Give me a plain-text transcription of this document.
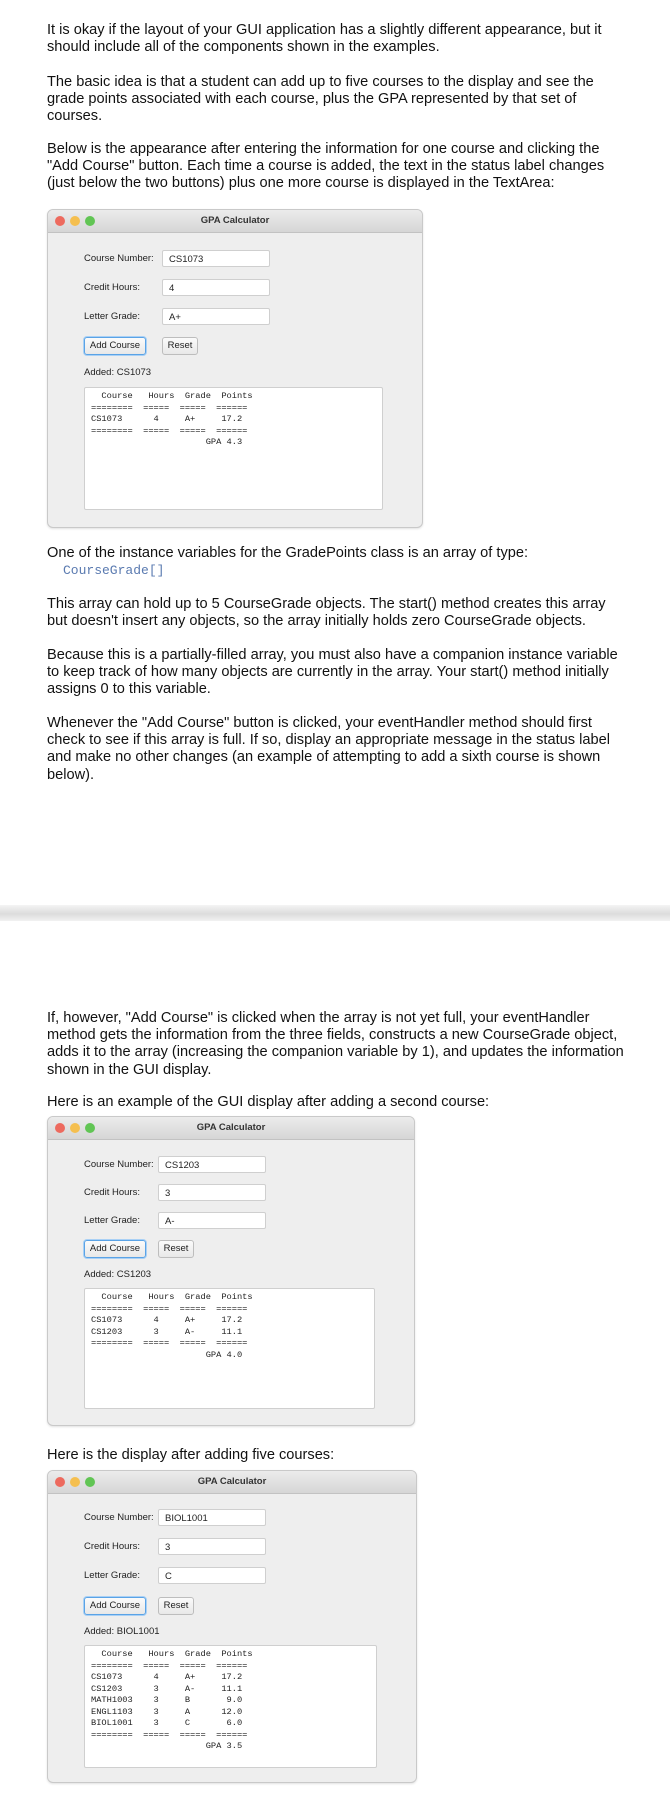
It is okay if the layout of your GUI application has a slightly different appearance, but it should include all of the components shown in the examples.

The basic idea is that a student can add up to five courses to the display and see the grade points associated with each course, plus the GPA represented by that set of courses.

Below is the appearance after entering the information for one course and clicking the "Add Course" button. Each time a course is added, the text in the status label changes (just below the two buttons) plus one more course is displayed in the TextArea:

GPA Calculator
Course Number:	CS1073
Credit Hours:	4
Letter Grade:	A+
Add Course	Reset
Added: CS1073
Course   Hours  Grade  Points
========  =====  =====  ======
CS1073      4     A+     17.2
========  =====  =====  ======
GPA 4.3

One of the instance variables for the GradePoints class is an array of type:

CourseGrade[]

This array can hold up to 5 CourseGrade objects. The start() method creates this array but doesn't insert any objects, so the array initially holds zero CourseGrade objects.

Because this is a partially-filled array, you must also have a companion instance variable to keep track of how many objects are currently in the array. Your start() method initially assigns 0 to this variable.

Whenever the "Add Course" button is clicked, your eventHandler method should first check to see if this array is full. If so, display an appropriate message in the status label and make no other changes (an example of attempting to add a sixth course is shown below).

If, however, "Add Course" is clicked when the array is not yet full, your eventHandler method gets the information from the three fields, constructs a new CourseGrade object, adds it to the array (increasing the companion variable by 1), and updates the information shown in the GUI display.

Here is an example of the GUI display after adding a second course:

GPA Calculator
Course Number:	CS1203
Credit Hours:	3
Letter Grade:	A-
Add Course	Reset
Added: CS1203
Course   Hours  Grade  Points
========  =====  =====  ======
CS1073      4     A+     17.2
CS1203      3     A-     11.1
========  =====  =====  ======
GPA 4.0

Here is the display after adding five courses:

GPA Calculator
Course Number:	BIOL1001
Credit Hours:	3
Letter Grade:	C
Add Course	Reset
Added: BIOL1001
Course   Hours  Grade  Points
========  =====  =====  ======
CS1073      4     A+     17.2
CS1203      3     A-     11.1
MATH1003    3     B       9.0
ENGL1103    3     A      12.0
BIOL1001    3     C       6.0
========  =====  =====  ======
GPA 3.5
